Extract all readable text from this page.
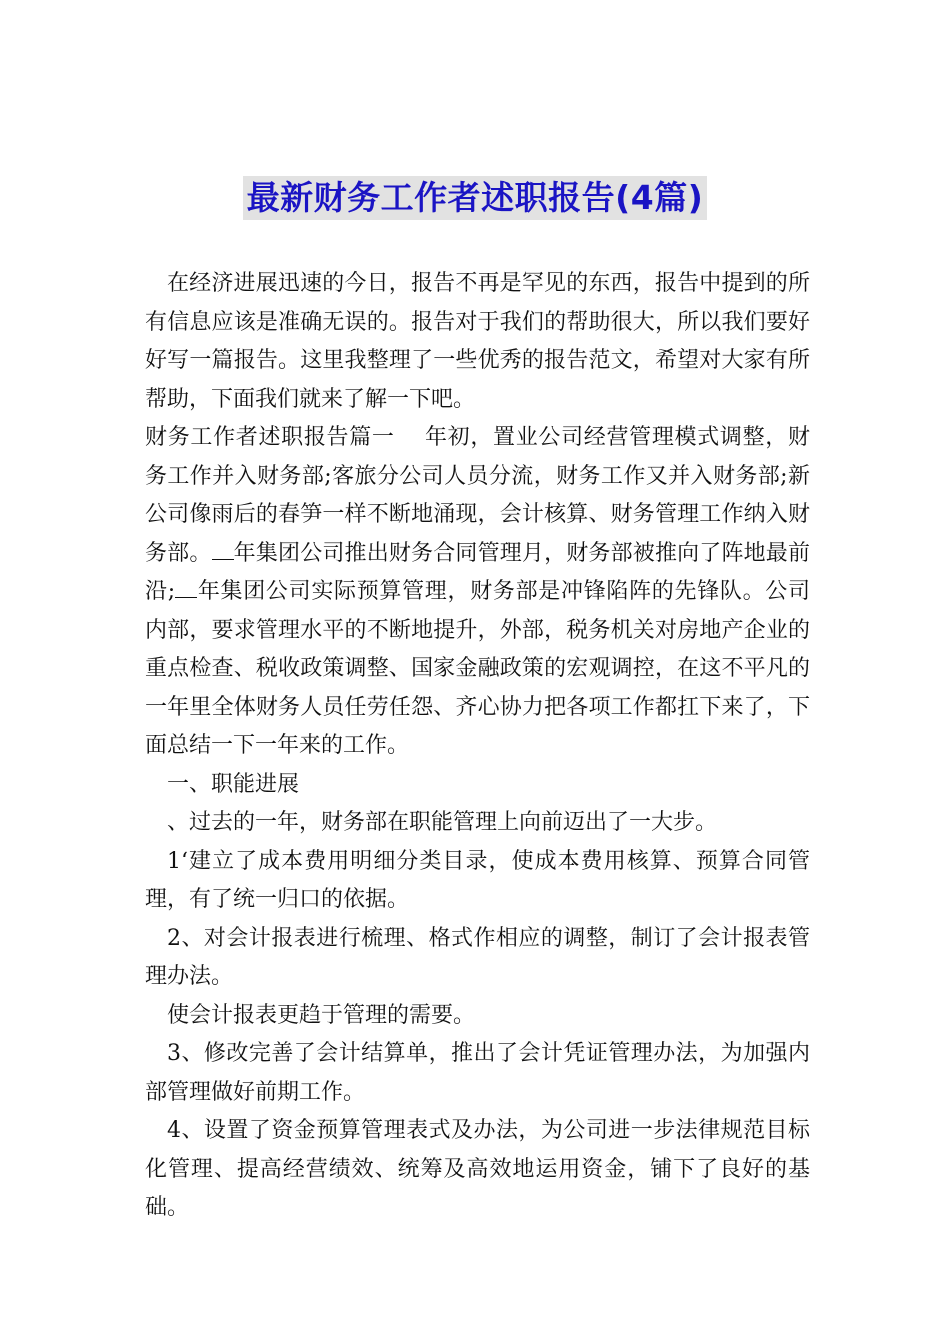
最新财务工作者述职报告(4篇)

在经济进展迅速的今日，报告不再是罕见的东西，报告中提到的所有信息应该是准确无误的。报告对于我们的帮助很大，所以我们要好好写一篇报告。这里我整理了一些优秀的报告范文，希望对大家有所帮助，下面我们就来了解一下吧。

财务工作者述职报告篇一　 年初，置业公司经营管理模式调整，财务工作并入财务部;客旅分公司人员分流，财务工作又并入财务部;新公司像雨后的春笋一样不断地涌现，会计核算、财务管理工作纳入财务部。 年集团公司推出财务合同管理月，财务部被推向了阵地最前沿; 年集团公司实际预算管理，财务部是冲锋陷阵的先锋队。公司内部，要求管理水平的不断地提升，外部，税务机关对房地产企业的重点检查、税收政策调整、国家金融政策的宏观调控，在这不平凡的一年里全体财务人员任劳任怨、齐心协力把各项工作都扛下来了，下面总结一下一年来的工作。

一、职能进展

、过去的一年，财务部在职能管理上向前迈出了一大步。

1‘建立了成本费用明细分类目录，使成本费用核算、预算合同管理，有了统一归口的依据。

2、对会计报表进行梳理、格式作相应的调整，制订了会计报表管理办法。

使会计报表更趋于管理的需要。

3、修改完善了会计结算单，推出了会计凭证管理办法，为加强内部管理做好前期工作。

4、设置了资金预算管理表式及办法，为公司进一步法律规范目标化管理、提高经营绩效、统筹及高效地运用资金，铺下了良好的基础。
